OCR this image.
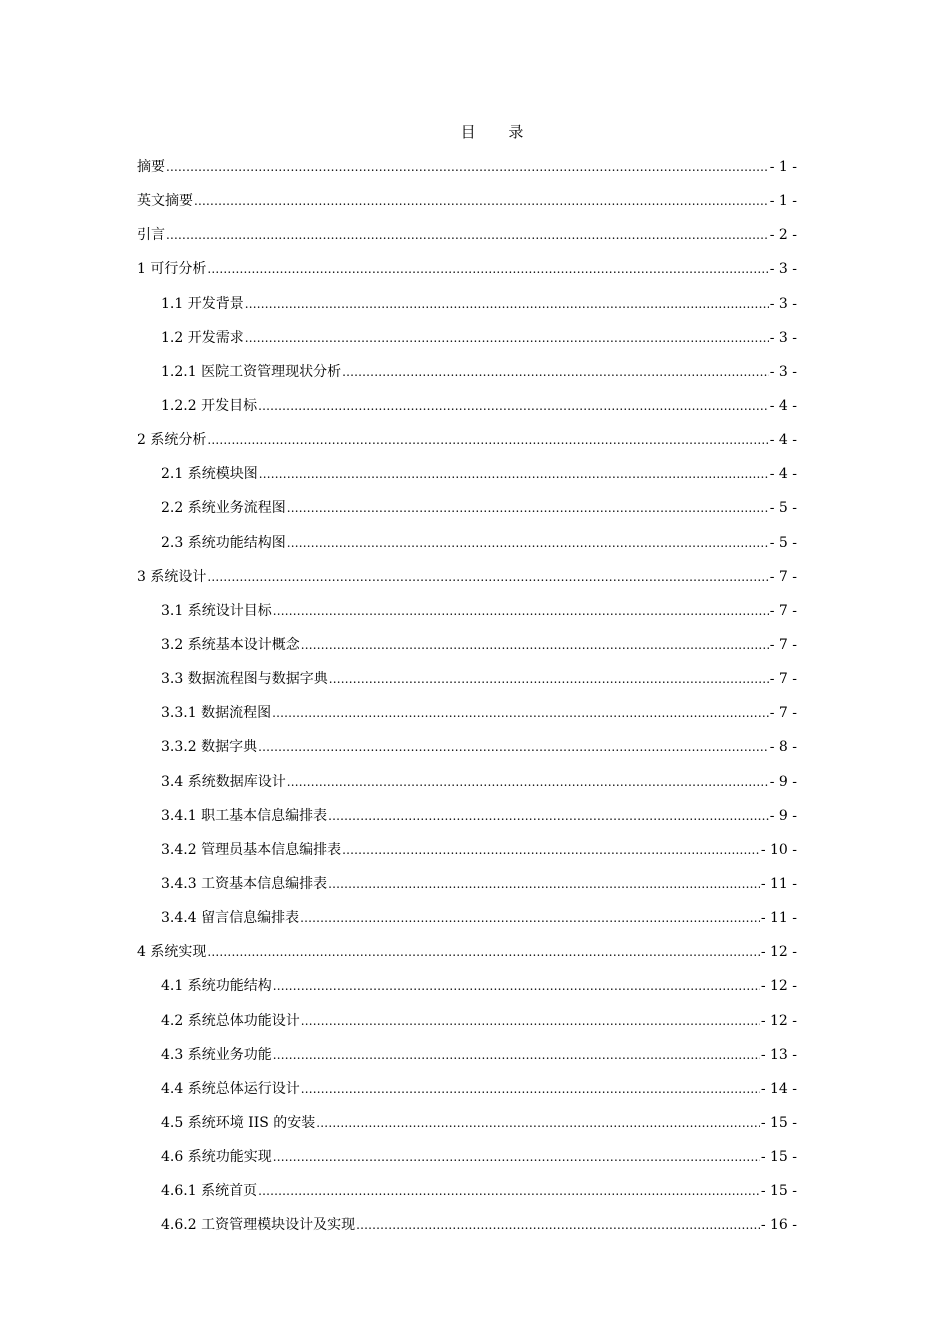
目 录
摘要 .....	- 1 -
英文摘要 .....	- 1 -
引言 .....	- 2 -
1 可行分析 .....	- 3 -
1.1 开发背景 .....	- 3 -
1.2 开发需求 .....	- 3 -
1.2.1 医院工资管理现状分析 .....	- 3 -
1.2.2 开发目标 .....	- 4 -
2 系统分析 .....	- 4 -
2.1 系统模块图 .....	- 4 -
2.2 系统业务流程图 .....	- 5 -
2.3 系统功能结构图 .....	- 5 -
3 系统设计 .....	- 7 -
3.1 系统设计目标 .....	- 7 -
3.2 系统基本设计概念 .....	- 7 -
3.3 数据流程图与数据字典 .....	- 7 -
3.3.1 数据流程图 .....	- 7 -
3.3.2 数据字典 .....	- 8 -
3.4 系统数据库设计 .....	- 9 -
3.4.1 职工基本信息编排表 .....	- 9 -
3.4.2 管理员基本信息编排表 .....	- 10 -
3.4.3 工资基本信息编排表 .....	- 11 -
3.4.4 留言信息编排表 .....	- 11 -
4 系统实现 .....	- 12 -
4.1 系统功能结构 .....	- 12 -
4.2 系统总体功能设计 .....	- 12 -
4.3 系统业务功能 .....	- 13 -
4.4 系统总体运行设计 .....	- 14 -
4.5 系统环境 IIS 的安装 .....	- 15 -
4.6 系统功能实现 .....	- 15 -
4.6.1 系统首页 .....	- 15 -
4.6.2 工资管理模块设计及实现 .....	- 16 -
